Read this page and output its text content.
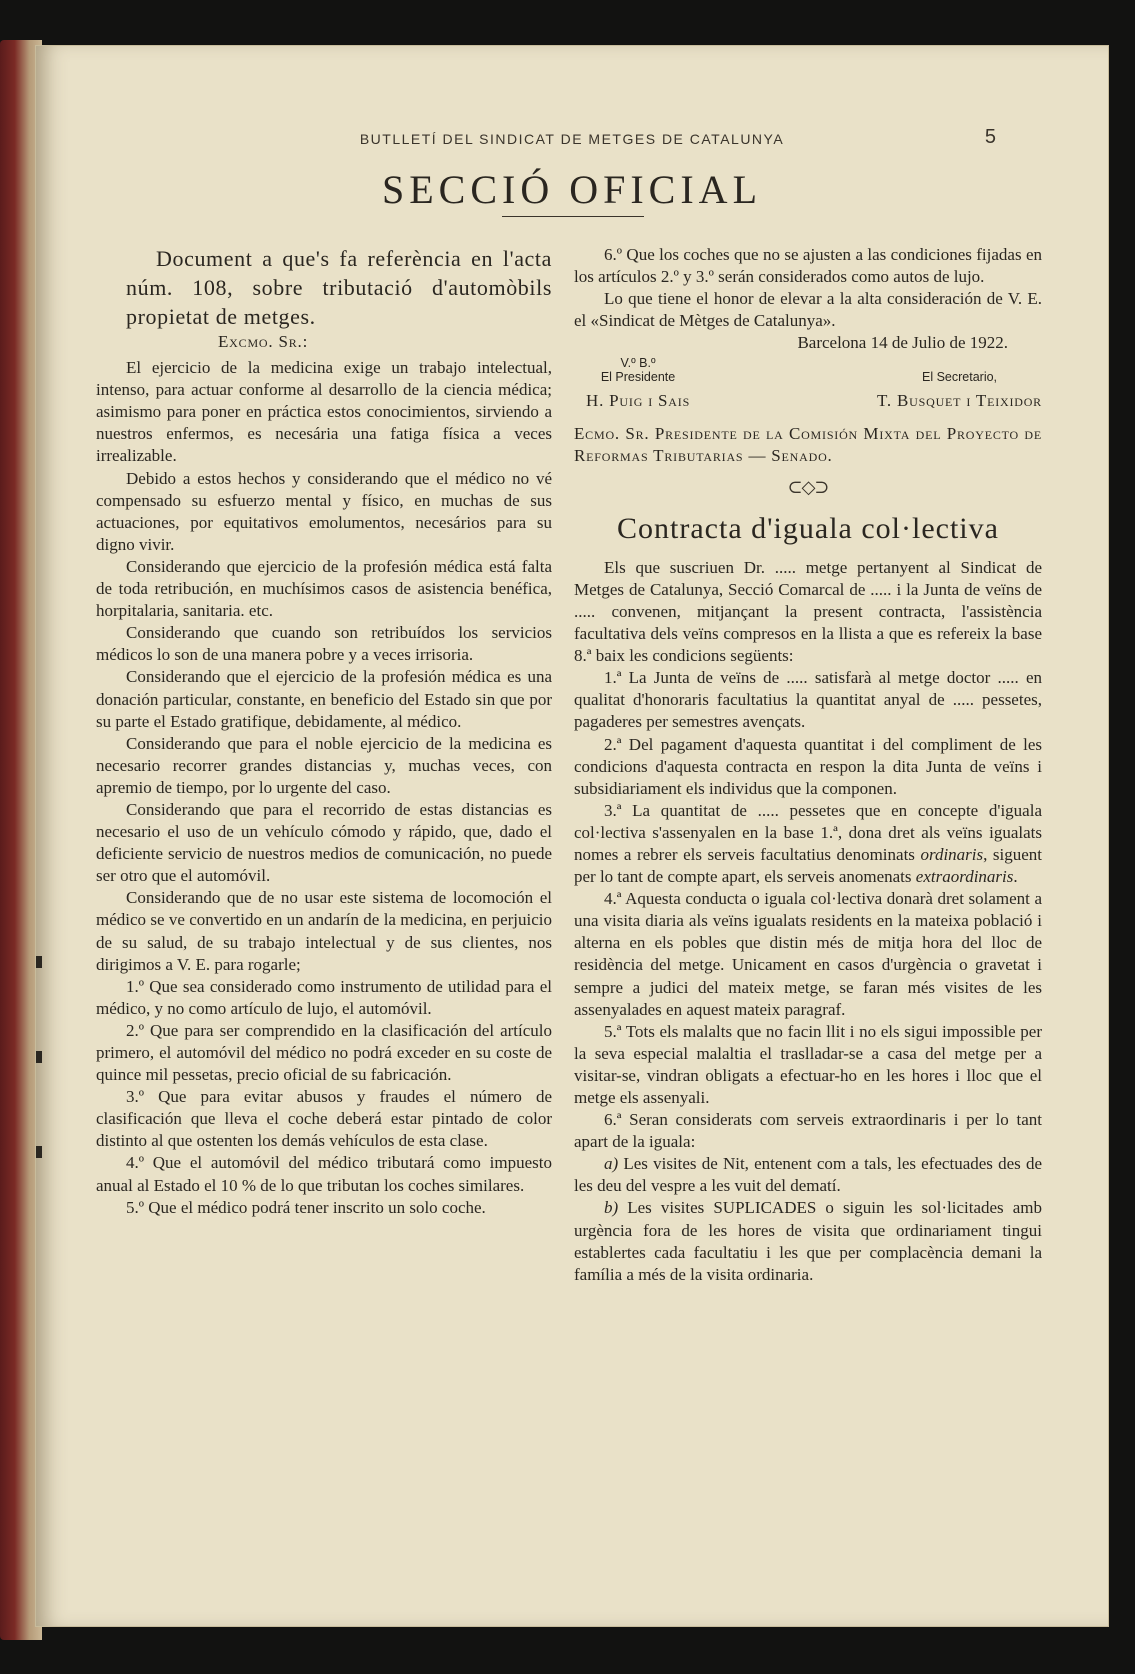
BUTLLETÍ DEL SINDICAT DE METGES DE CATALUNYA	5
SECCIÓ OFICIAL

Document a que's fa referència en l'acta núm. 108, sobre tributació d'automòbils propietat de metges.

Excmo. Sr.:

El ejercicio de la medicina exige un trabajo intelectual, intenso, para actuar conforme al desarrollo de la ciencia médica; asimismo para poner en práctica estos conocimientos, sirviendo a nuestros enfermos, es necesária una fatiga física a veces irrealizable.

Debido a estos hechos y considerando que el médico no vé compensado su esfuerzo mental y físico, en muchas de sus actuaciones, por equitativos emolumentos, necesários para su digno vivir.

Considerando que ejercicio de la profesión médica está falta de toda retribución, en muchísimos casos de asistencia benéfica, horpitalaria, sanitaria. etc.

Considerando que cuando son retribuídos los servicios médicos lo son de una manera pobre y a veces irrisoria.

Considerando que el ejercicio de la profesión médica es una donación particular, constante, en beneficio del Estado sin que por su parte el Estado gratifique, debidamente, al médico.

Considerando que para el noble ejercicio de la medicina es necesario recorrer grandes distancias y, muchas veces, con apremio de tiempo, por lo urgente del caso.

Considerando que para el recorrido de estas distancias es necesario el uso de un vehículo cómodo y rápido, que, dado el deficiente servicio de nuestros medios de comunicación, no puede ser otro que el automóvil.

Considerando que de no usar este sistema de locomoción el médico se ve convertido en un andarín de la medicina, en perjuicio de su salud, de su trabajo intelectual y de sus clientes, nos dirigimos a V. E. para rogarle;

1.º Que sea considerado como instrumento de utilidad para el médico, y no como artículo de lujo, el automóvil.

2.º Que para ser comprendido en la clasificación del artículo primero, el automóvil del médico no podrá exceder en su coste de quince mil pessetas, precio oficial de su fabricación.

3.º Que para evitar abusos y fraudes el número de clasificación que lleva el coche deberá estar pintado de color distinto al que ostenten los demás vehículos de esta clase.

4.º Que el automóvil del médico tributará como impuesto anual al Estado el 10 % de lo que tributan los coches similares.

5.º Que el médico podrá tener inscrito un solo coche.

6.º Que los coches que no se ajusten a las condiciones fijadas en los artículos 2.º y 3.º serán considerados como autos de lujo.

Lo que tiene el honor de elevar a la alta consideración de V. E. el «Sindicat de Mètges de Catalunya».

Barcelona 14 de Julio de 1922.

V.º B.º
El Presidente
H. Puig i Sais
El Secretario,
T. Busquet i Teixidor

Ecmo. Sr. Presidente de la Comisión Mixta del Proyecto de Reformas Tributarias — Senado.

⊂◇⊃
Contracta d'iguala col·lectiva

Els que suscriuen Dr. ..... metge pertanyent al Sindicat de Metges de Catalunya, Secció Comarcal de ..... i la Junta de veïns de ..... convenen, mitjançant la present contracta, l'assistència facultativa dels veïns compresos en la llista a que es refereix la base 8.ª baix les condicions següents:

1.ª La Junta de veïns de ..... satisfarà al metge doctor ..... en qualitat d'honoraris facultatius la quantitat anyal de ..... pessetes, pagaderes per semestres avençats.

2.ª Del pagament d'aquesta quantitat i del compliment de les condicions d'aquesta contracta en respon la dita Junta de veïns i subsidiariament els individus que la componen.

3.ª La quantitat de ..... pessetes que en concepte d'iguala col·lectiva s'assenyalen en la base 1.ª, dona dret als veïns igualats nomes a rebrer els serveis facultatius denominats ordinaris, siguent per lo tant de compte apart, els serveis anomenats extraordinaris.

4.ª Aquesta conducta o iguala col·lectiva donarà dret solament a una visita diaria als veïns igualats residents en la mateixa població i alterna en els pobles que distin més de mitja hora del lloc de residència del metge. Unicament en casos d'urgència o gravetat i sempre a judici del mateix metge, se faran més visites de les assenyalades en aquest mateix paragraf.

5.ª Tots els malalts que no facin llit i no els sigui impossible per la seva especial malaltia el traslladar-se a casa del metge per a visitar-se, vindran obligats a efectuar-ho en les hores i lloc que el metge els assenyali.

6.ª Seran considerats com serveis extraordinaris i per lo tant apart de la iguala:

a) Les visites de Nit, entenent com a tals, les efectuades des de les deu del vespre a les vuit del dematí.

b) Les visites SUPLICADES o siguin les sol·licitades amb urgència fora de les hores de visita que ordinariament tingui establertes cada facultatiu i les que per complacència demani la família a més de la visita ordinaria.
